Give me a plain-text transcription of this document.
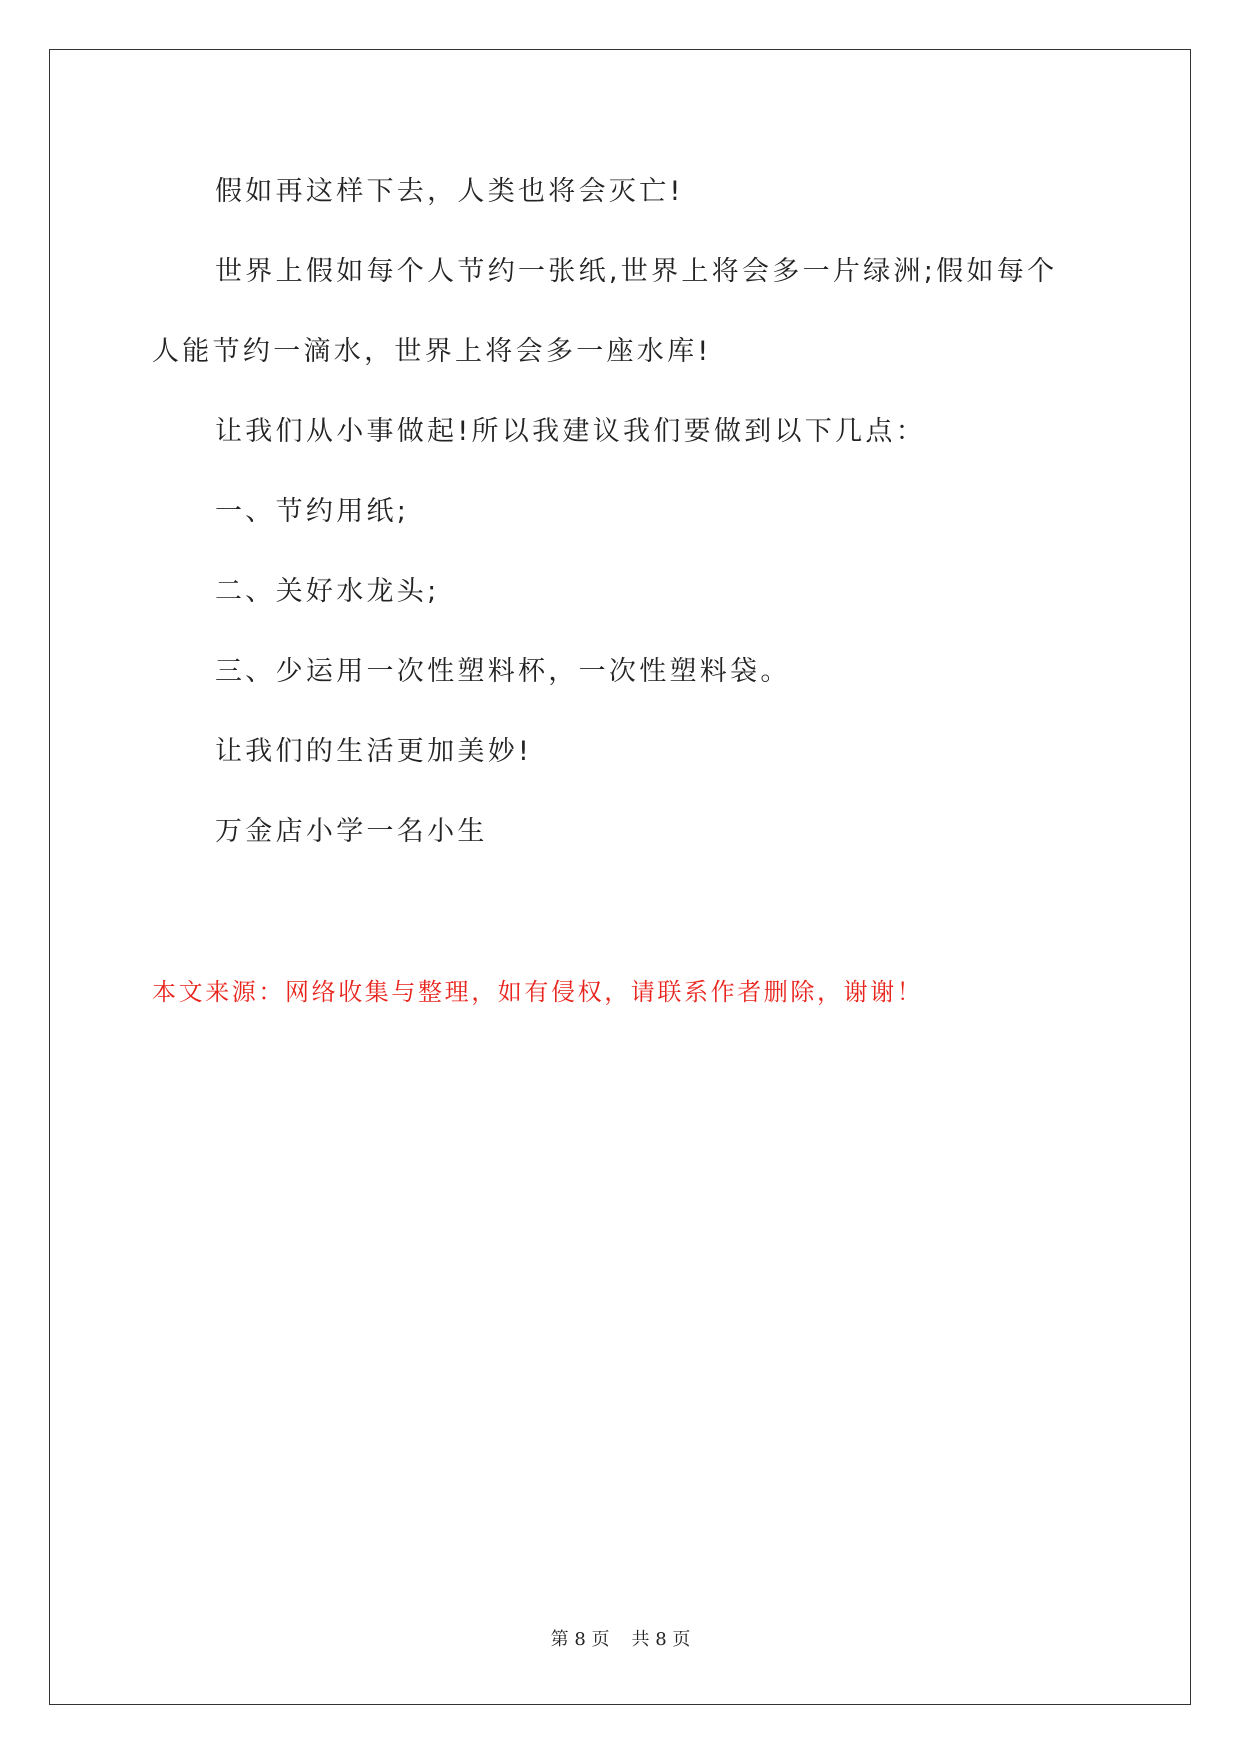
假如再这样下去，人类也将会灭亡!

世界上假如每个人节约一张纸,世界上将会多一片绿洲;假如每个

人能节约一滴水，世界上将会多一座水库!

让我们从小事做起!所以我建议我们要做到以下几点：

一、节约用纸;

二、关好水龙头;

三、少运用一次性塑料杯，一次性塑料袋。

让我们的生活更加美妙!

万金店小学一名小生

本文来源：网络收集与整理，如有侵权，请联系作者删除，谢谢！

第 8 页 共 8 页
